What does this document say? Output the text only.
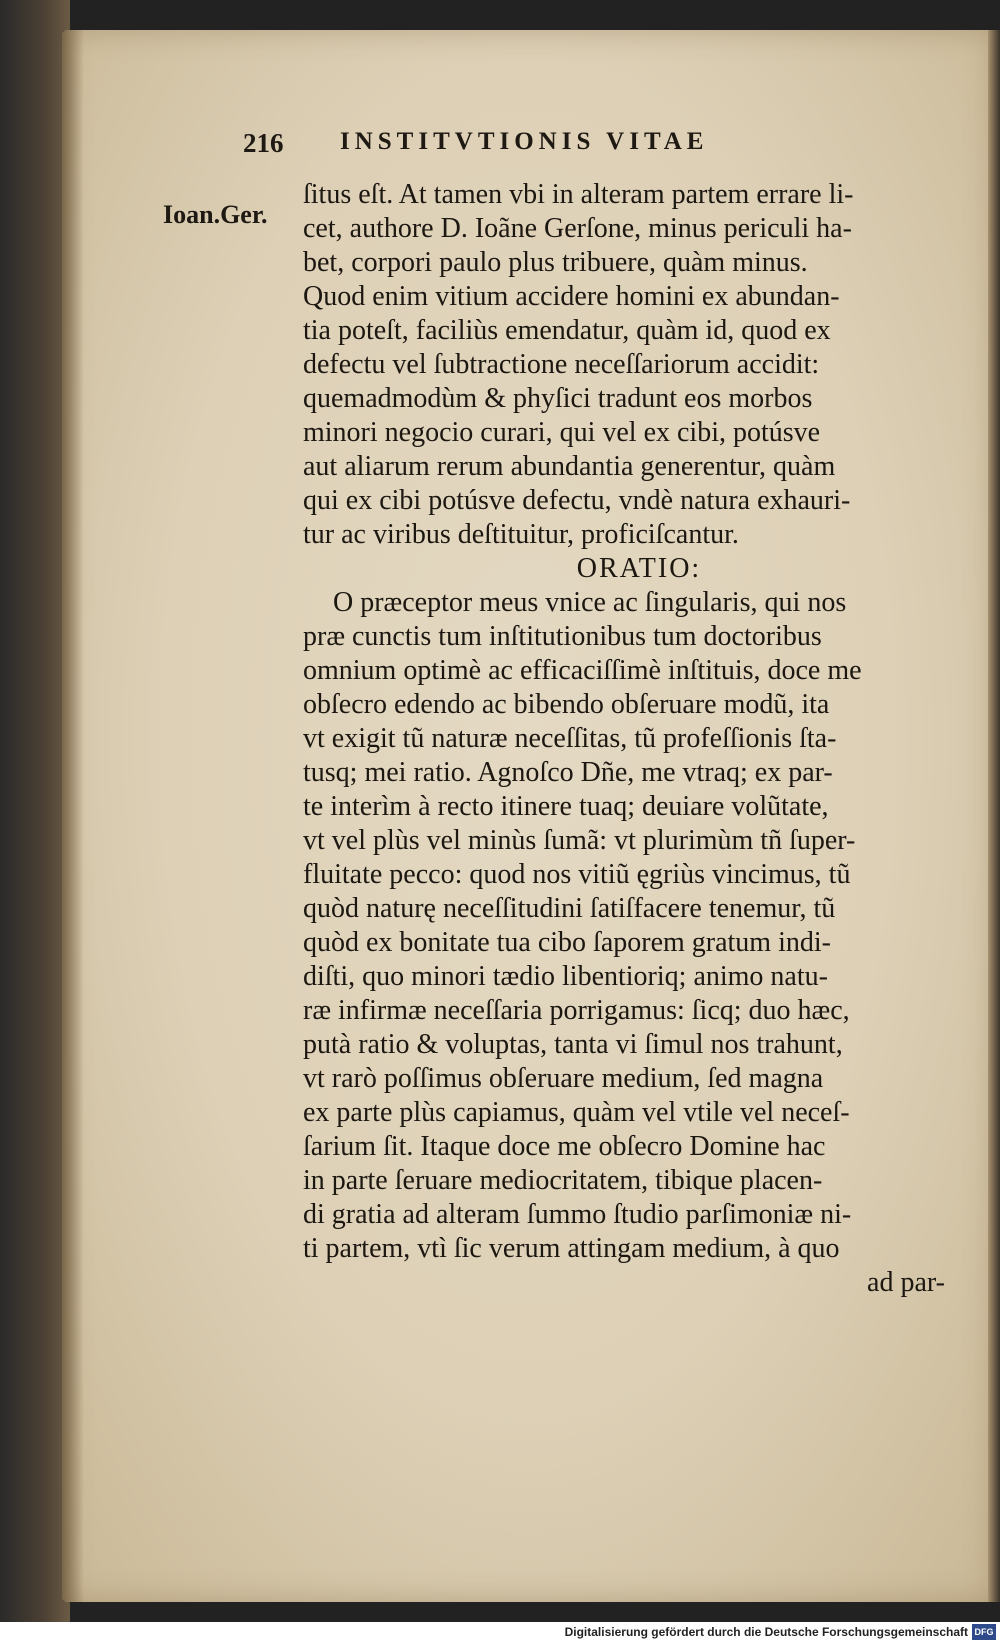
216 INSTITVTIONIS VITAE
Ioan.Ger.
ſitus eſt. At tamen vbi in alteram partem errare li-
cet, authore D. Ioãne Gerſone, minus periculi ha-
bet, corpori paulo plus tribuere, quàm minus.
Quod enim vitium accidere homini ex abundan-
tia poteſt, faciliùs emendatur, quàm id, quod ex
defectu vel ſubtractione neceſſariorum accidit:
quemadmodùm & phyſici tradunt eos morbos
minori negocio curari, qui vel ex cibi, potúsve
aut aliarum rerum abundantia generentur, quàm
qui ex cibi potúsve defectu, vndè natura exhauri-
tur ac viribus deſtituitur, proficiſcantur.
ORATIO:
O præceptor meus vnice ac ſingularis, qui nos
præ cunctis tum inſtitutionibus tum doctoribus
omnium optimè ac efficaciſſimè inſtituis, doce me
obſecro edendo ac bibendo obſeruare modũ, ita
vt exigit tũ naturæ neceſſitas, tũ profeſſionis ſta-
tusq; mei ratio. Agnoſco Dñe, me vtraq; ex par-
te interìm à recto itinere tuaq; deuiare volũtate,
vt vel plùs vel minùs ſumã: vt plurimùm tñ ſuper-
fluitate pecco: quod nos vitiũ ęgriùs vincimus, tũ
quòd naturę neceſſitudini ſatiſfacere tenemur, tũ
quòd ex bonitate tua cibo ſaporem gratum indi-
diſti, quo minori tædio libentioriq; animo natu-
ræ infirmæ neceſſaria porrigamus: ſicq; duo hæc,
putà ratio & voluptas, tanta vi ſimul nos trahunt,
vt rarò poſſimus obſeruare medium, ſed magna
ex parte plùs capiamus, quàm vel vtile vel neceſ-
ſarium ſit. Itaque doce me obſecro Domine hac
in parte ſeruare mediocritatem, tibique placen-
di gratia ad alteram ſummo ſtudio parſimoniæ ni-
ti partem, vtì ſic verum attingam medium, à quo
ad par-
Digitalisierung gefördert durch die Deutsche Forschungsgemeinschaft DFG
